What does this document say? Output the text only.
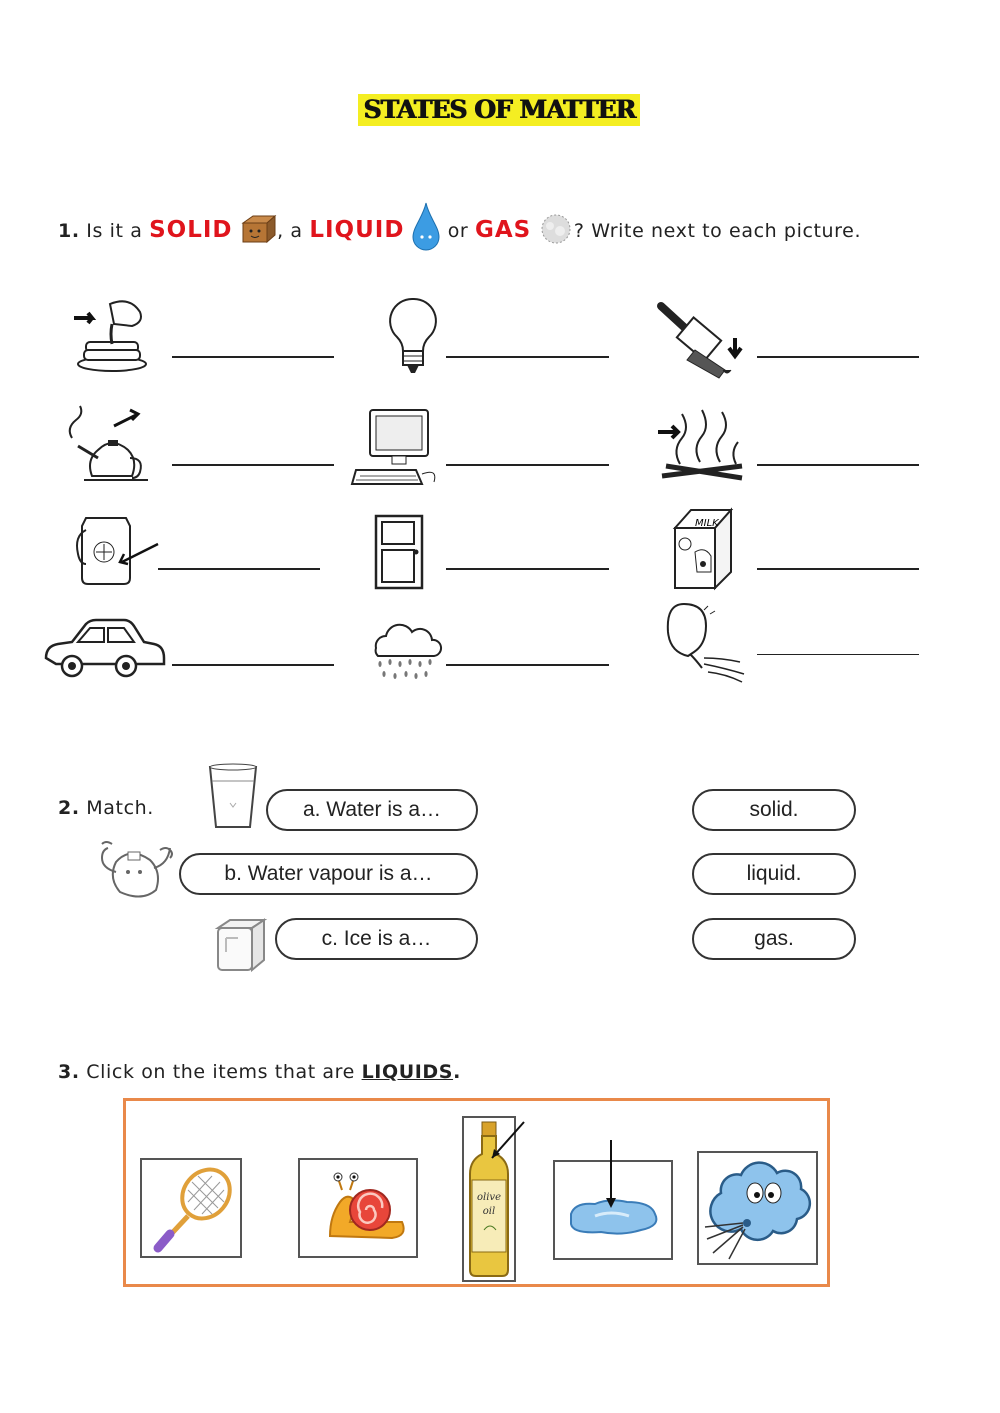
STATES OF MATTER
1. Is it a SOLID , a LIQUID or GAS ? Write next to each picture.
MILK
2. Match.	a. Water is a…
b. Water vapour is a…
c. Ice is a…
solid.
liquid.
gas.
3. Click on the items that are LIQUIDS.
olive
oil
